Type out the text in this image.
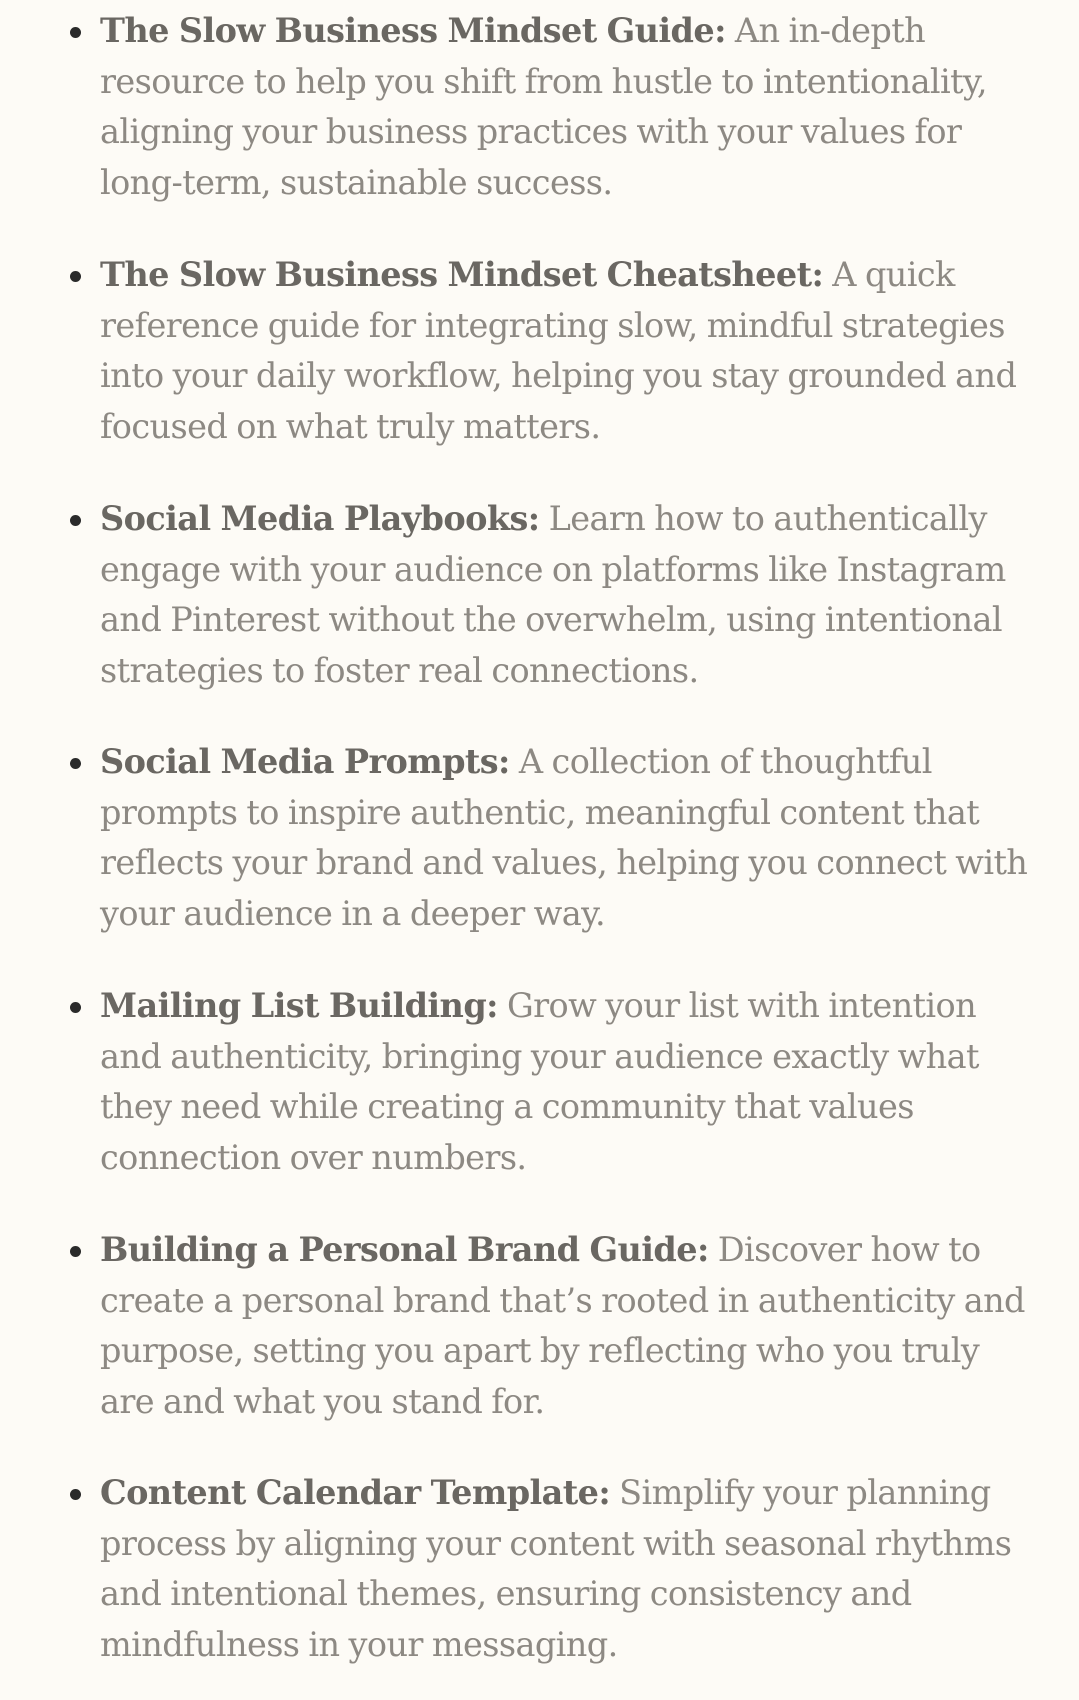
The Slow Business Mindset Guide: An in-depth resource to help you shift from hustle to intentionality, aligning your business practices with your values for long-term, sustainable success.
The Slow Business Mindset Cheatsheet: A quick reference guide for integrating slow, mindful strategies into your daily workflow, helping you stay grounded and focused on what truly matters.
Social Media Playbooks: Learn how to authentically engage with your audience on platforms like Instagram and Pinterest without the overwhelm, using intentional strategies to foster real connections.
Social Media Prompts: A collection of thoughtful prompts to inspire authentic, meaningful content that reflects your brand and values, helping you connect with your audience in a deeper way.
Mailing List Building: Grow your list with intention and authenticity, bringing your audience exactly what they need while creating a community that values connection over numbers.
Building a Personal Brand Guide: Discover how to create a personal brand that’s rooted in authenticity and purpose, setting you apart by reflecting who you truly are and what you stand for.
Content Calendar Template: Simplify your planning process by aligning your content with seasonal rhythms and intentional themes, ensuring consistency and mindfulness in your messaging.
